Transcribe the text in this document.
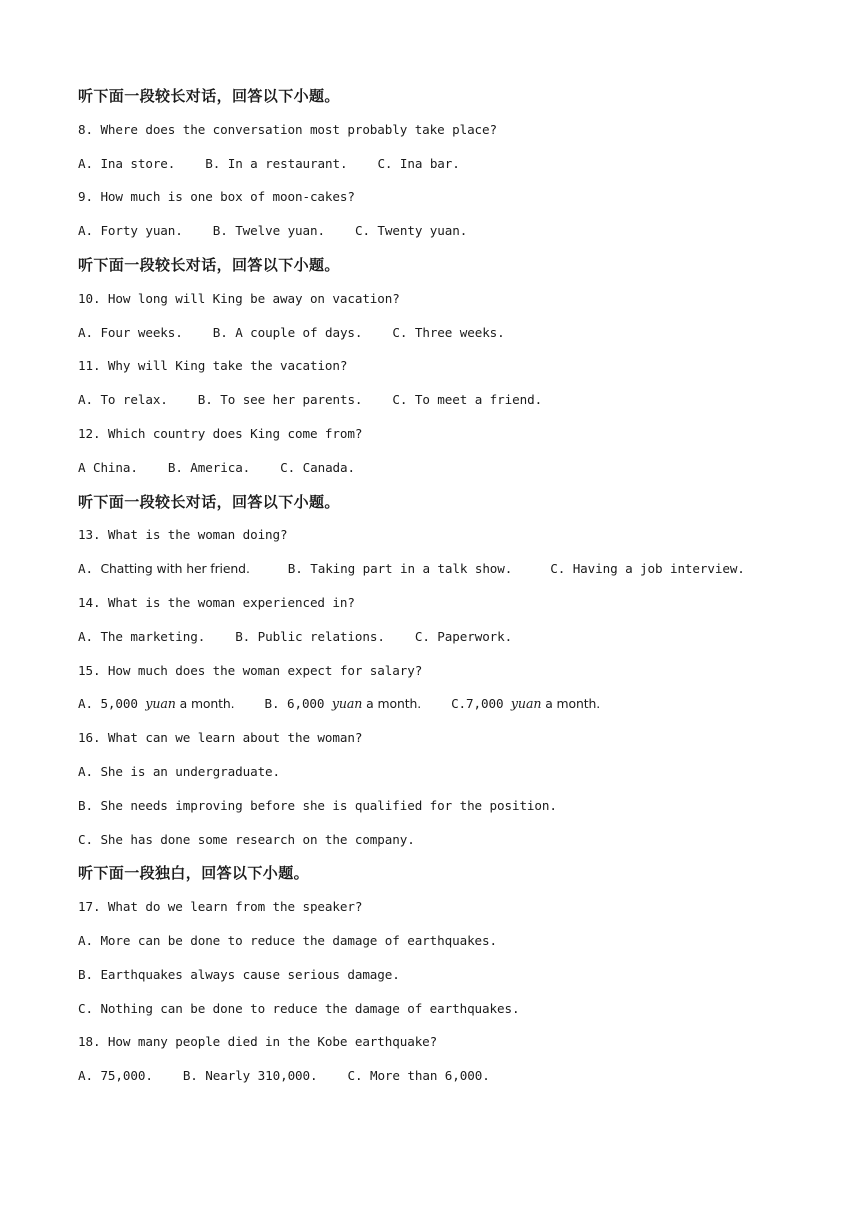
听下面一段较长对话，回答以下小题。
8. Where does the conversation most probably take place?
A. Ina store. B. In a restaurant. C. Ina bar.
9. How much is one box of moon-cakes?
A. Forty yuan. B. Twelve yuan. C. Twenty yuan.
听下面一段较长对话，回答以下小题。
10. How long will King be away on vacation?
A. Four weeks. B. A couple of days. C. Three weeks.
11. Why will King take the vacation?
A. To relax. B. To see her parents. C. To meet a friend.
12. Which country does King come from?
A China. B. America. C. Canada.
听下面一段较长对话，回答以下小题。
13. What is the woman doing?
A. Chatting with her friend.	B. Taking part in a talk show.	C. Having a job interview.
14. What is the woman experienced in?
A. The marketing. B. Public relations. C. Paperwork.
15. How much does the woman expect for salary?
A. 5,000 yuan a month. B. 6,000 yuan a month. C.7,000 yuan a month.
16. What can we learn about the woman?
A. She is an undergraduate.
B. She needs improving before she is qualified for the position.
C. She has done some research on the company.
听下面一段独白，回答以下小题。
17. What do we learn from the speaker?
A. More can be done to reduce the damage of earthquakes.
B. Earthquakes always cause serious damage.
C. Nothing can be done to reduce the damage of earthquakes.
18. How many people died in the Kobe earthquake?
A. 75,000. B. Nearly 310,000. C. More than 6,000.
